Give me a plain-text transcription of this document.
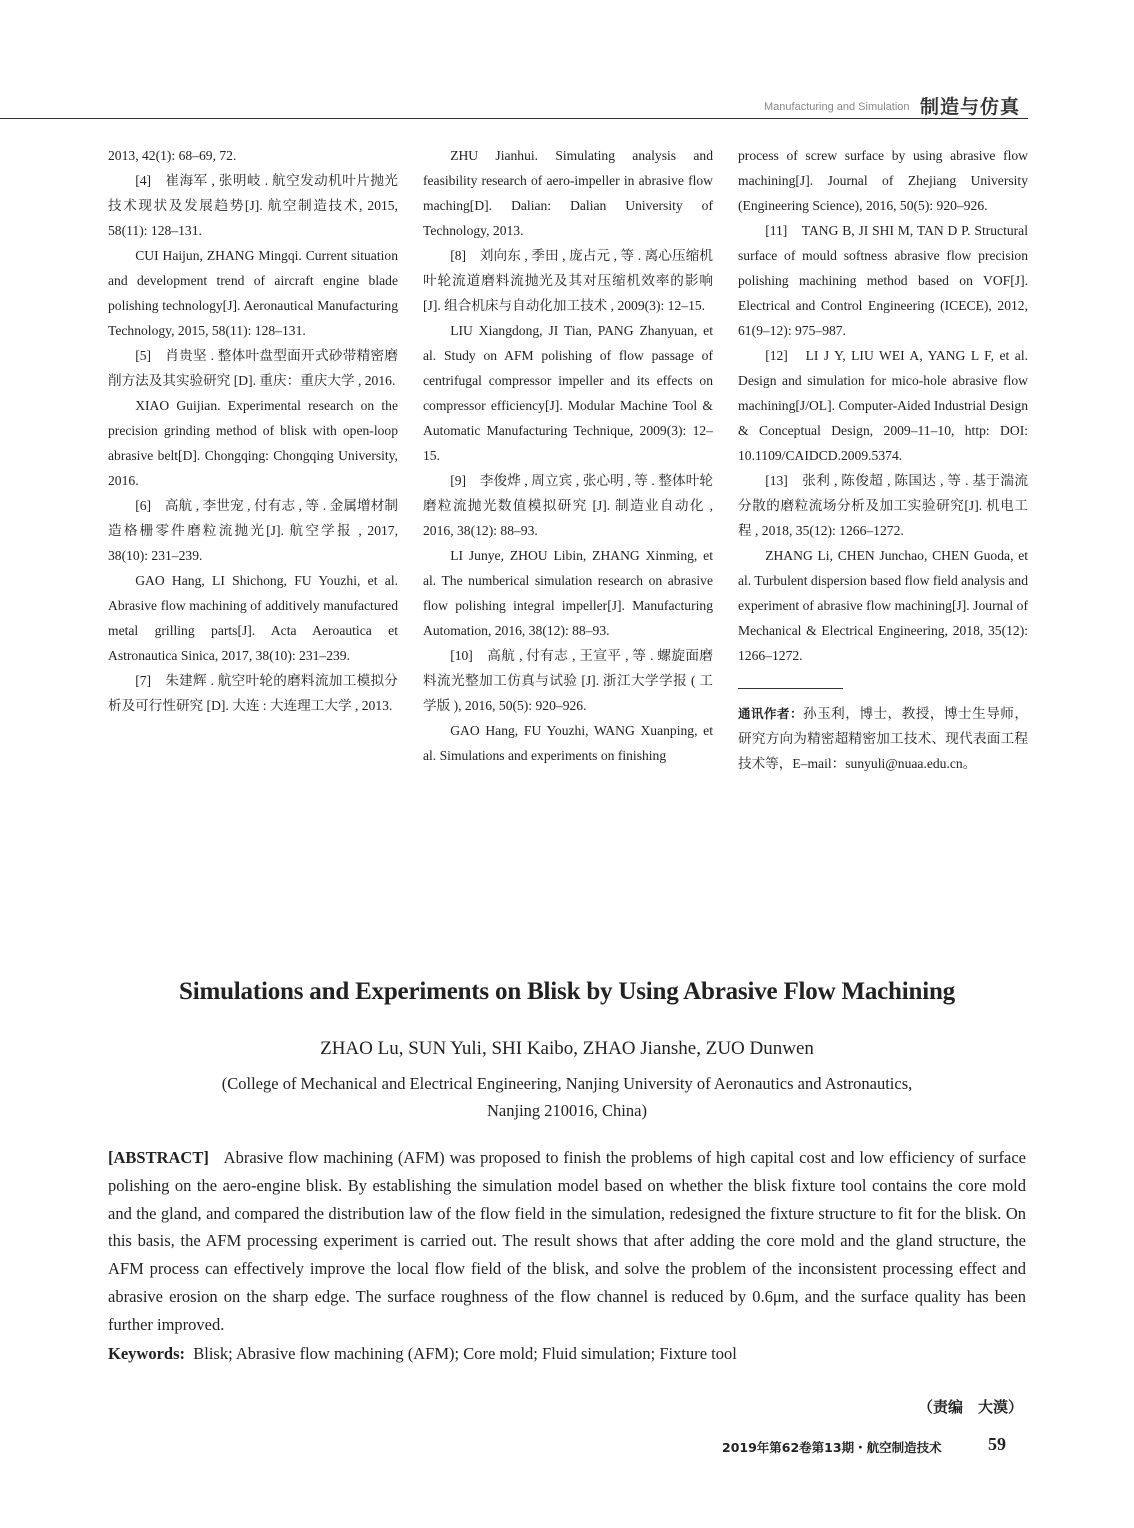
Manufacturing and Simulation 制造与仿真

2013, 42(1): 68–69, 72.

[4]　崔海军 , 张明岐 . 航空发动机叶片抛光技术现状及发展趋势[J]. 航空制造技术, 2015, 58(11): 128–131.

CUI Haijun, ZHANG Mingqi. Current situation and development trend of aircraft engine blade polishing technology[J]. Aeronautical Manufacturing Technology, 2015, 58(11): 128–131.

[5]　肖贵坚 . 整体叶盘型面开式砂带精密磨削方法及其实验研究 [D]. 重庆：重庆大学 , 2016.

XIAO Guijian. Experimental research on the precision grinding method of blisk with open-loop abrasive belt[D]. Chongqing: Chongqing University, 2016.

[6]　高航 , 李世宠 , 付有志 , 等 . 金属增材制造格栅零件磨粒流抛光[J]. 航空学报 , 2017, 38(10): 231–239.

GAO Hang, LI Shichong, FU Youzhi, et al. Abrasive flow machining of additively manufactured metal grilling parts[J]. Acta Aeroautica et Astronautica Sinica, 2017, 38(10): 231–239.

[7]　朱建辉 . 航空叶轮的磨料流加工模拟分析及可行性研究 [D]. 大连 : 大连理工大学 , 2013.

ZHU Jianhui. Simulating analysis and feasibility research of aero-impeller in abrasive flow maching[D]. Dalian: Dalian University of Technology, 2013.

[8]　刘向东 , 季田 , 庞占元 , 等 . 离心压缩机叶轮流道磨料流抛光及其对压缩机效率的影响 [J]. 组合机床与自动化加工技术 , 2009(3): 12–15.

LIU Xiangdong, JI Tian, PANG Zhanyuan, et al. Study on AFM polishing of flow passage of centrifugal compressor impeller and its effects on compressor efficiency[J]. Modular Machine Tool & Automatic Manufacturing Technique, 2009(3): 12–15.

[9]　李俊烨 , 周立宾 , 张心明 , 等 . 整体叶轮磨粒流抛光数值模拟研究 [J]. 制造业自动化 , 2016, 38(12): 88–93.

LI Junye, ZHOU Libin, ZHANG Xinming, et al. The numberical simulation research on abrasive flow polishing integral impeller[J]. Manufacturing Automation, 2016, 38(12): 88–93.

[10]　高航 , 付有志 , 王宣平 , 等 . 螺旋面磨料流光整加工仿真与试验 [J]. 浙江大学学报 ( 工学版 ), 2016, 50(5): 920–926.

GAO Hang, FU Youzhi, WANG Xuanping, et al. Simulations and experiments on finishing

process of screw surface by using abrasive flow machining[J]. Journal of Zhejiang University (Engineering Science), 2016, 50(5): 920–926.

[11]　TANG B, JI SHI M, TAN D P. Structural surface of mould softness abrasive flow precision polishing machining method based on VOF[J]. Electrical and Control Engineering (ICECE), 2012, 61(9–12): 975–987.

[12]　LI J Y, LIU WEI A, YANG L F, et al. Design and simulation for mico-hole abrasive flow machining[J/OL]. Computer-Aided Industrial Design & Conceptual Design, 2009–11–10, http: DOI: 10.1109/CAIDCD.2009.5374.

[13]　张利 , 陈俊超 , 陈国达 , 等 . 基于湍流分散的磨粒流场分析及加工实验研究[J]. 机电工程 , 2018, 35(12): 1266–1272.

ZHANG Li, CHEN Junchao, CHEN Guoda, et al. Turbulent dispersion based flow field analysis and experiment of abrasive flow machining[J]. Journal of Mechanical & Electrical Engineering, 2018, 35(12): 1266–1272.

通讯作者：孙玉利，博士，教授，博士生导师，研究方向为精密超精密加工技术、现代表面工程技术等，E–mail：sunyuli@nuaa.edu.cn。

Simulations and Experiments on Blisk by Using Abrasive Flow Machining
ZHAO Lu, SUN Yuli, SHI Kaibo, ZHAO Jianshe, ZUO Dunwen
(College of Mechanical and Electrical Engineering, Nanjing University of Aeronautics and Astronautics,
Nanjing 210016, China)
[ABSTRACT] Abrasive flow machining (AFM) was proposed to finish the problems of high capital cost and low efficiency of surface polishing on the aero-engine blisk. By establishing the simulation model based on whether the blisk fixture tool contains the core mold and the gland, and compared the distribution law of the flow field in the simulation, redesigned the fixture structure to fit for the blisk. On this basis, the AFM processing experiment is carried out. The result shows that after adding the core mold and the gland structure, the AFM process can effectively improve the local flow field of the blisk, and solve the problem of the inconsistent processing effect and abrasive erosion on the sharp edge. The surface roughness of the flow channel is reduced by 0.6μm, and the surface quality has been further improved.
Keywords: Blisk; Abrasive flow machining (AFM); Core mold; Fluid simulation; Fixture tool
（责编　大漠）
2019年第62卷第13期・航空制造技术	59
